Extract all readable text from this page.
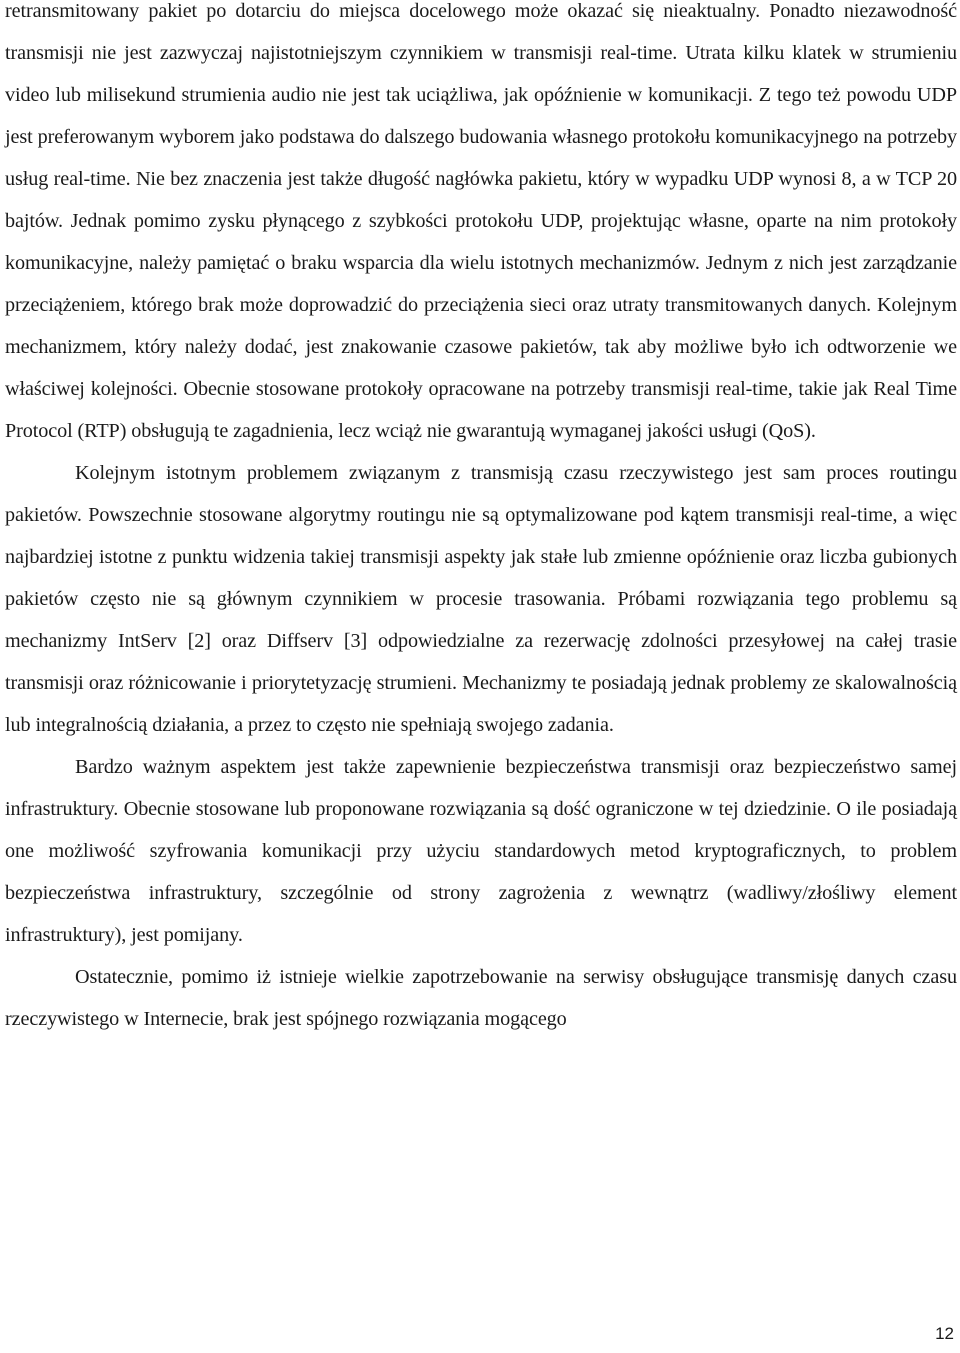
retransmitowany pakiet po dotarciu do miejsca docelowego może okazać się nieaktualny. Ponadto niezawodność transmisji nie jest zazwyczaj najistotniejszym czynnikiem w transmisji real-time. Utrata kilku klatek w strumieniu video lub milisekund strumienia audio nie jest tak uciążliwa, jak opóźnienie w komunikacji. Z tego też powodu UDP jest preferowanym wyborem jako podstawa do dalszego budowania własnego protokołu komunikacyjnego na potrzeby usług real-time. Nie bez znaczenia jest także długość nagłówka pakietu, który w wypadku UDP wynosi 8, a w TCP 20 bajtów. Jednak pomimo zysku płynącego z szybkości protokołu UDP, projektując własne, oparte na nim protokoły komunikacyjne, należy pamiętać o braku wsparcia dla wielu istotnych mechanizmów. Jednym z nich jest zarządzanie przeciążeniem, którego brak może doprowadzić do przeciążenia sieci oraz utraty transmitowanych danych. Kolejnym mechanizmem, który należy dodać, jest znakowanie czasowe pakietów, tak aby możliwe było ich odtworzenie we właściwej kolejności. Obecnie stosowane protokoły opracowane na potrzeby transmisji real-time, takie jak Real Time Protocol (RTP) obsługują te zagadnienia, lecz wciąż nie gwarantują wymaganej jakości usługi (QoS).

Kolejnym istotnym problemem związanym z transmisją czasu rzeczywistego jest sam proces routingu pakietów. Powszechnie stosowane algorytmy routingu nie są optymalizowane pod kątem transmisji real-time, a więc najbardziej istotne z punktu widzenia takiej transmisji aspekty jak stałe lub zmienne opóźnienie oraz liczba gubionych pakietów często nie są głównym czynnikiem w procesie trasowania. Próbami rozwiązania tego problemu są mechanizmy IntServ [2] oraz Diffserv [3] odpowiedzialne za rezerwację zdolności przesyłowej na całej trasie transmisji oraz różnicowanie i priorytetyzację strumieni. Mechanizmy te posiadają jednak problemy ze skalowalnością lub integralnością działania, a przez to często nie spełniają swojego zadania.

Bardzo ważnym aspektem jest także zapewnienie bezpieczeństwa transmisji oraz bezpieczeństwo samej infrastruktury. Obecnie stosowane lub proponowane rozwiązania są dość ograniczone w tej dziedzinie. O ile posiadają one możliwość szyfrowania komunikacji przy użyciu standardowych metod kryptograficznych, to problem bezpieczeństwa infrastruktury, szczególnie od strony zagrożenia z wewnątrz (wadliwy/złośliwy element infrastruktury), jest pomijany.

Ostatecznie, pomimo iż istnieje wielkie zapotrzebowanie na serwisy obsługujące transmisję danych czasu rzeczywistego w Internecie, brak jest spójnego rozwiązania mogącego

12
